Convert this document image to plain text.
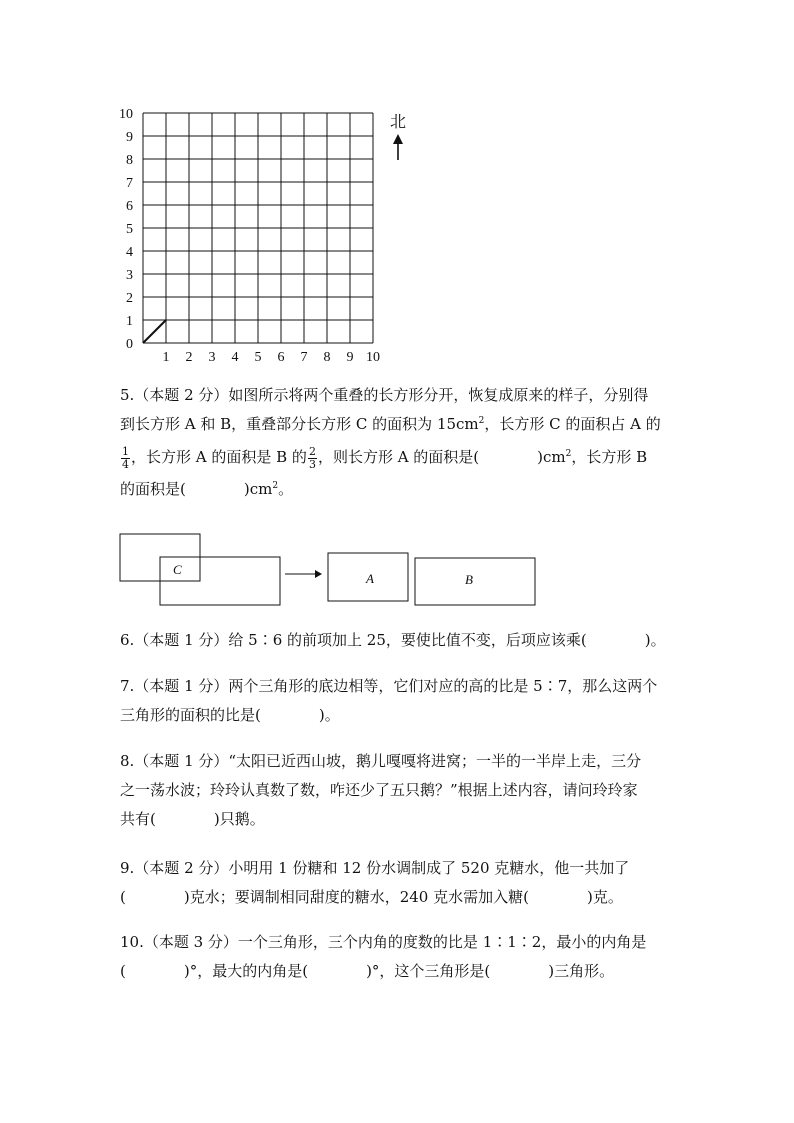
0
1
2
3
4
5
6
7
8
9
10
1 2 3 4 5 6 7 8 9 10
北

5.（本题 2 分）如图所示将两个重叠的长方形分开，恢复成原来的样子，分别得

到长方形 A 和 B，重叠部分长方形 C 的面积为 $15cm^2$，长方形 C 的面积占 A 的

$\frac{1}{4}$ ，长方形 A 的面积是 B 的 $\frac{2}{3}$ ，则长方形 A 的面积是(	)$cm^2$，长方形 B

的面积是(	)$cm^2$。

C
A	B

6.（本题 1 分）给 5∶6 的前项加上 25，要使比值不变，后项应该乘(	)。

7.（本题 1 分）两个三角形的底边相等，它们对应的高的比是 5∶7，那么这两个

三角形的面积的比是(	)。

8.（本题 1 分）“太阳已近西山坡，鹅儿嘎嘎将进窝；一半的一半岸上走，三分

之一荡水波；玲玲认真数了数，咋还少了五只鹅？”根据上述内容，请问玲玲家

共有(	)只鹅。

9.（本题 2 分）小明用 1 份糖和 12 份水调制成了 520 克糖水，他一共加了

(	)克水；要调制相同甜度的糖水，240 克水需加入糖(	)克。

10.（本题 3 分）一个三角形，三个内角的度数的比是 1∶1∶2，最小的内角是

(	)°，最大的内角是(	)°，这个三角形是(	)三角形。
